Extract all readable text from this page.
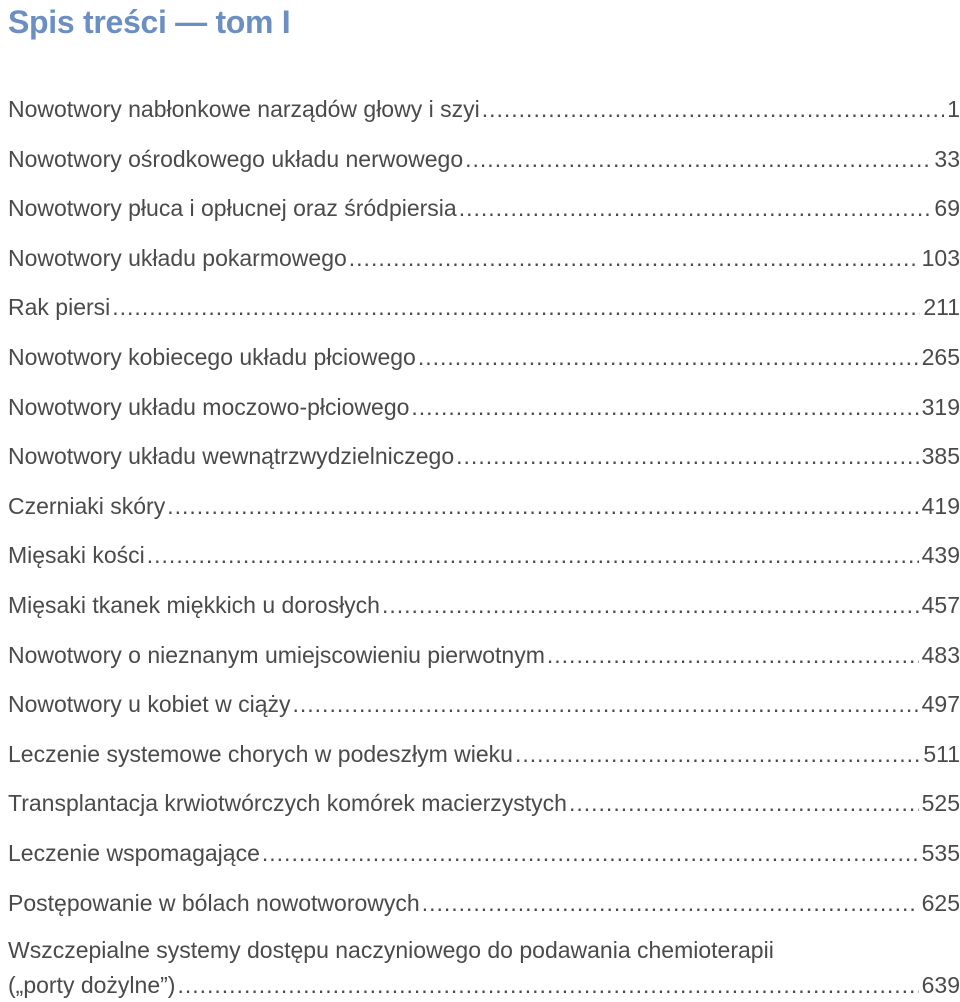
Spis treści — tom I
Nowotwory nabłonkowe narządów głowy i szyi .....	1
Nowotwory ośrodkowego układu nerwowego .....	33
Nowotwory płuca i opłucnej oraz śródpiersia .....	69
Nowotwory układu pokarmowego .....	103
Rak piersi .....	211
Nowotwory kobiecego układu płciowego .....	265
Nowotwory układu moczowo-płciowego .....	319
Nowotwory układu wewnątrzwydzielniczego .....	385
Czerniaki skóry .....	419
Mięsaki kości .....	439
Mięsaki tkanek miękkich u dorosłych .....	457
Nowotwory o nieznanym umiejscowieniu pierwotnym .....	483
Nowotwory u kobiet w ciąży .....	497
Leczenie systemowe chorych w podeszłym wieku .....	511
Transplantacja krwiotwórczych komórek macierzystych .....	525
Leczenie wspomagające .....	535
Postępowanie w bólach nowotworowych .....	625
Wszczepialne systemy dostępu naczyniowego do podawania chemioterapii
(„porty dożylne”) .....	639
